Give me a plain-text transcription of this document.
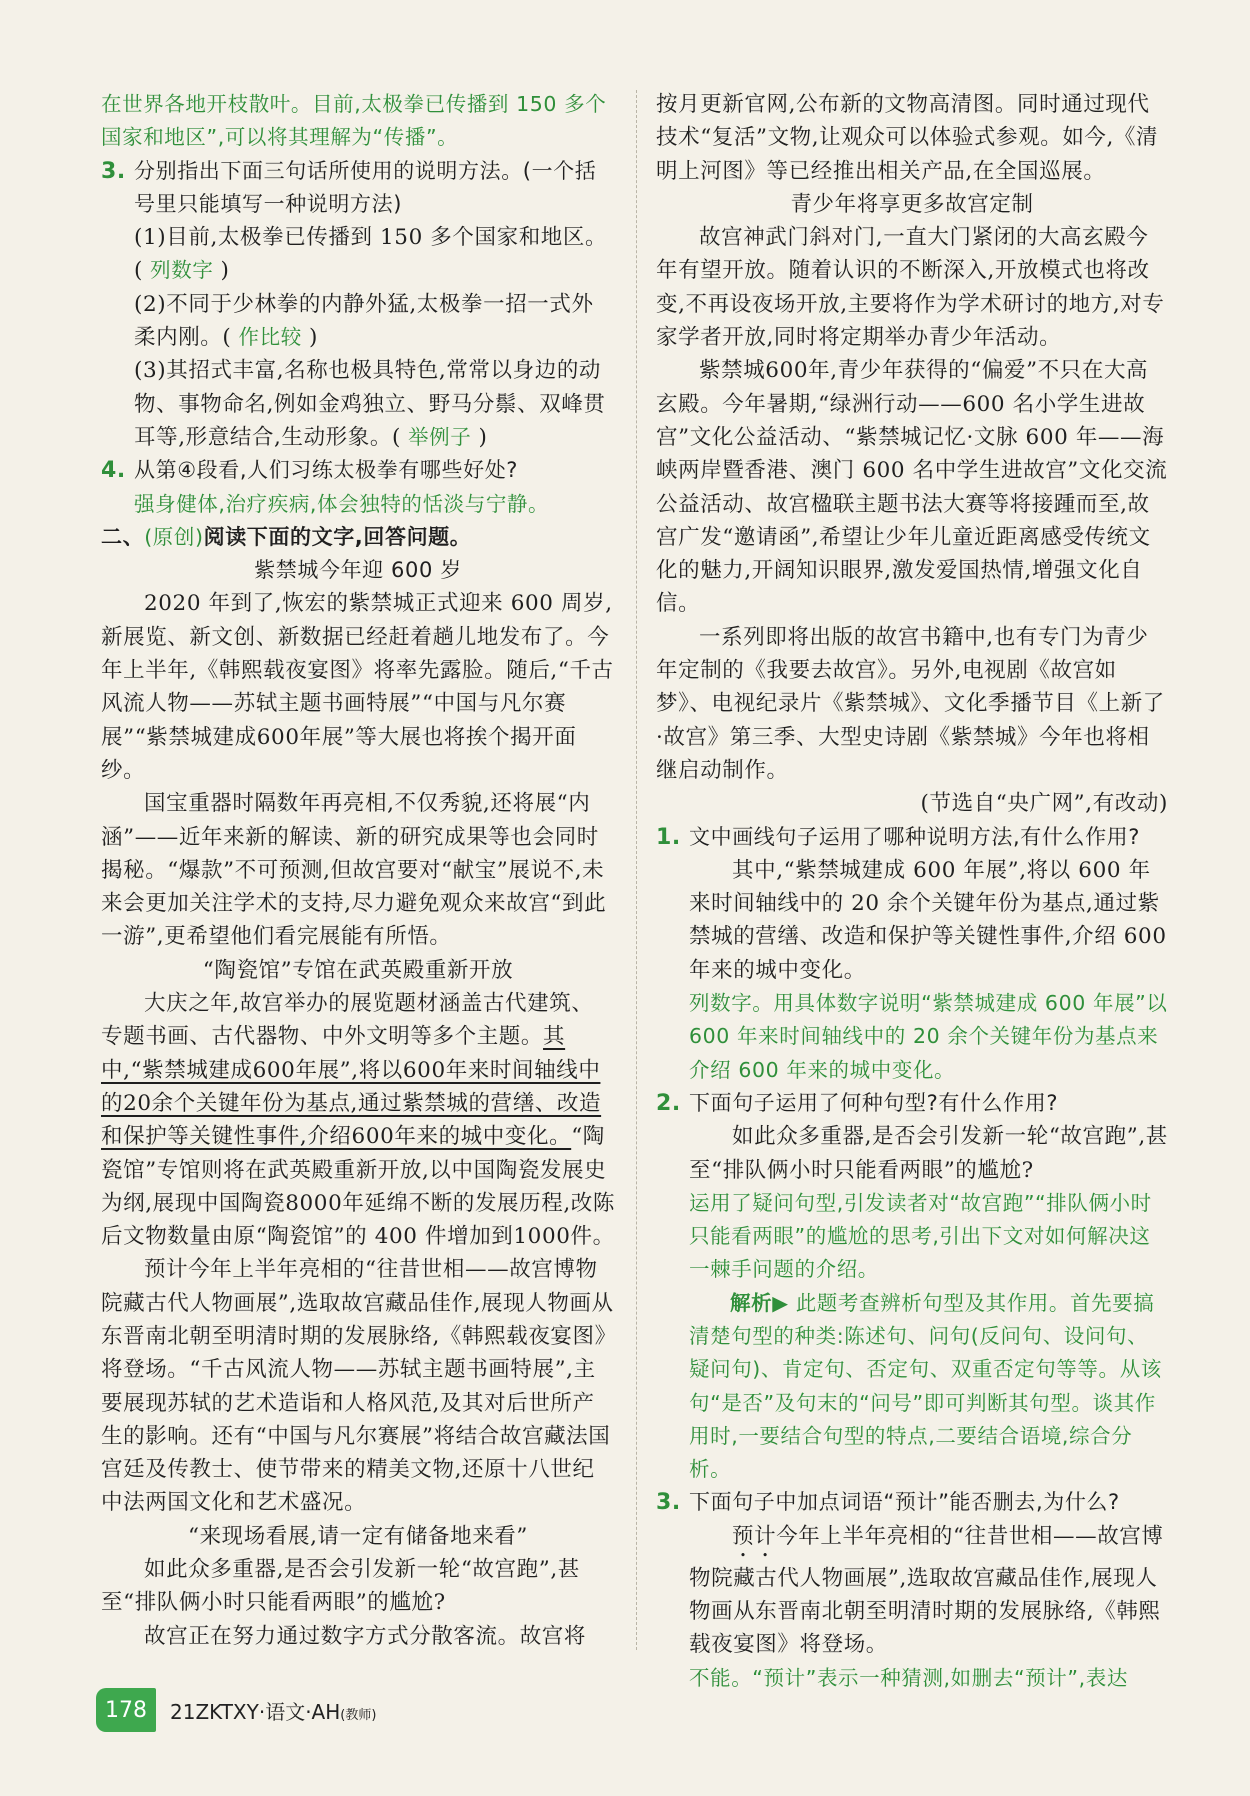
在世界各地开枝散叶。目前,太极拳已传播到 150 多个国家和地区”,可以将其理解为“传播”。

3. 分别指出下面三句话所使用的说明方法。(一个括号里只能填写一种说明方法)

(1)目前,太极拳已传播到 150 多个国家和地区。( 列数字 )

(2)不同于少林拳的内静外猛,太极拳一招一式外柔内刚。( 作比较 )

(3)其招式丰富,名称也极具特色,常常以身边的动物、事物命名,例如金鸡独立、野马分鬃、双峰贯耳等,形意结合,生动形象。( 举例子 )

4. 从第④段看,人们习练太极拳有哪些好处?

强身健体,治疗疾病,体会独特的恬淡与宁静。

二、(原创)阅读下面的文字,回答问题。

紫禁城今年迎 600 岁

2020 年到了,恢宏的紫禁城正式迎来 600 周岁,新展览、新文创、新数据已经赶着趟儿地发布了。今年上半年,《韩熙载夜宴图》将率先露脸。随后,“千古风流人物——苏轼主题书画特展”“中国与凡尔赛展”“紫禁城建成600年展”等大展也将挨个揭开面纱。

国宝重器时隔数年再亮相,不仅秀貌,还将展“内涵”——近年来新的解读、新的研究成果等也会同时揭秘。“爆款”不可预测,但故宫要对“献宝”展说不,未来会更加关注学术的支持,尽力避免观众来故宫“到此一游”,更希望他们看完展能有所悟。

“陶瓷馆”专馆在武英殿重新开放

大庆之年,故宫举办的展览题材涵盖古代建筑、专题书画、古代器物、中外文明等多个主题。其中,“紫禁城建成600年展”,将以600年来时间轴线中的20余个关键年份为基点,通过紫禁城的营缮、改造和保护等关键性事件,介绍600年来的城中变化。“陶瓷馆”专馆则将在武英殿重新开放,以中国陶瓷发展史为纲,展现中国陶瓷8000年延绵不断的发展历程,改陈后文物数量由原“陶瓷馆”的 400 件增加到1000件。

预计今年上半年亮相的“往昔世相——故宫博物院藏古代人物画展”,选取故宫藏品佳作,展现人物画从东晋南北朝至明清时期的发展脉络,《韩熙载夜宴图》将登场。“千古风流人物——苏轼主题书画特展”,主要展现苏轼的艺术造诣和人格风范,及其对后世所产生的影响。还有“中国与凡尔赛展”将结合故宫藏法国宫廷及传教士、使节带来的精美文物,还原十八世纪中法两国文化和艺术盛况。

“来现场看展,请一定有储备地来看”

如此众多重器,是否会引发新一轮“故宫跑”,甚至“排队俩小时只能看两眼”的尴尬?

故宫正在努力通过数字方式分散客流。故宫将

按月更新官网,公布新的文物高清图。同时通过现代技术“复活”文物,让观众可以体验式参观。如今,《清明上河图》等已经推出相关产品,在全国巡展。

青少年将享更多故宫定制

故宫神武门斜对门,一直大门紧闭的大高玄殿今年有望开放。随着认识的不断深入,开放模式也将改变,不再设夜场开放,主要将作为学术研讨的地方,对专家学者开放,同时将定期举办青少年活动。

紫禁城600年,青少年获得的“偏爱”不只在大高玄殿。今年暑期,“绿洲行动——600 名小学生进故宫”文化公益活动、“紫禁城记忆·文脉 600 年——海峡两岸暨香港、澳门 600 名中学生进故宫”文化交流公益活动、故宫楹联主题书法大赛等将接踵而至,故宫广发“邀请函”,希望让少年儿童近距离感受传统文化的魅力,开阔知识眼界,激发爱国热情,增强文化自信。

一系列即将出版的故宫书籍中,也有专门为青少年定制的《我要去故宫》。另外,电视剧《故宫如梦》、电视纪录片《紫禁城》、文化季播节目《上新了·故宫》第三季、大型史诗剧《紫禁城》今年也将相继启动制作。

(节选自“央广网”,有改动)

1. 文中画线句子运用了哪种说明方法,有什么作用?

其中,“紫禁城建成 600 年展”,将以 600 年来时间轴线中的 20 余个关键年份为基点,通过紫禁城的营缮、改造和保护等关键性事件,介绍 600 年来的城中变化。

列数字。用具体数字说明“紫禁城建成 600 年展”以 600 年来时间轴线中的 20 余个关键年份为基点来介绍 600 年来的城中变化。

2. 下面句子运用了何种句型?有什么作用?

如此众多重器,是否会引发新一轮“故宫跑”,甚至“排队俩小时只能看两眼”的尴尬?

运用了疑问句型,引发读者对“故宫跑”“排队俩小时只能看两眼”的尴尬的思考,引出下文对如何解决这一棘手问题的介绍。

解析▶ 此题考查辨析句型及其作用。首先要搞清楚句型的种类:陈述句、问句(反问句、设问句、疑问句)、肯定句、否定句、双重否定句等等。从该句“是否”及句末的“问号”即可判断其句型。谈其作用时,一要结合句型的特点,二要结合语境,综合分析。

3. 下面句子中加点词语“预计”能否删去,为什么?

预计今年上半年亮相的“往昔世相——故宫博物院藏古代人物画展”,选取故宫藏品佳作,展现人物画从东晋南北朝至明清时期的发展脉络,《韩熙载夜宴图》将登场。

不能。“预计”表示一种猜测,如删去“预计”,表达

178	21ZKTXY·语文·AH(教师)
